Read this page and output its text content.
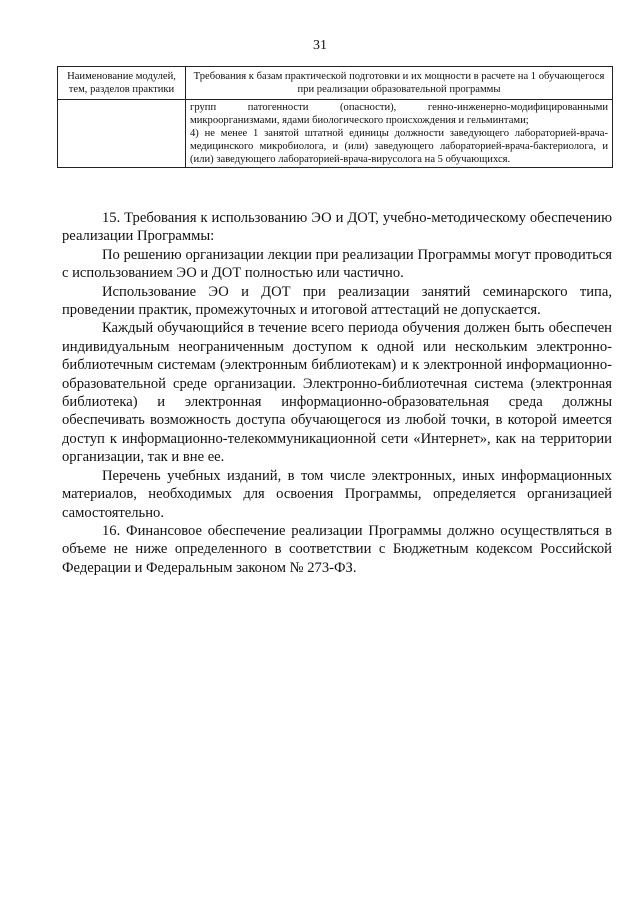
31
Наименование модулей, тем, разделов практики	Требования к базам практической подготовки и их мощности в расчете на 1 обучающегося при реализации образовательной программы

	групп патогенности (опасности), генно-инженерно-модифицированными микроорганизмами, ядами биологического происхождения и гельминтами;

4) не менее 1 занятой штатной единицы должности заведующего лабораторией-врача-медицинского микробиолога, и (или) заведующего лабораторией-врача-бактериолога, и (или) заведующего лабораторией-врача-вирусолога на 5 обучающихся.

15. Требования к использованию ЭО и ДОТ, учебно-методическому обеспечению реализации Программы:

По решению организации лекции при реализации Программы могут проводиться с использованием ЭО и ДОТ полностью или частично.

Использование ЭО и ДОТ при реализации занятий семинарского типа, проведении практик, промежуточных и итоговой аттестаций не допускается.

Каждый обучающийся в течение всего периода обучения должен быть обеспечен индивидуальным неограниченным доступом к одной или нескольким электронно-библиотечным системам (электронным библиотекам) и к электронной информационно-образовательной среде организации. Электронно-библиотечная система (электронная библиотека) и электронная информационно-образовательная среда должны обеспечивать возможность доступа обучающегося из любой точки, в которой имеется доступ к информационно-телекоммуникационной сети «Интернет», как на территории организации, так и вне ее.

Перечень учебных изданий, в том числе электронных, иных информационных материалов, необходимых для освоения Программы, определяется организацией самостоятельно.

16. Финансовое обеспечение реализации Программы должно осуществляться в объеме не ниже определенного в соответствии с Бюджетным кодексом Российской Федерации и Федеральным законом № 273-ФЗ.
